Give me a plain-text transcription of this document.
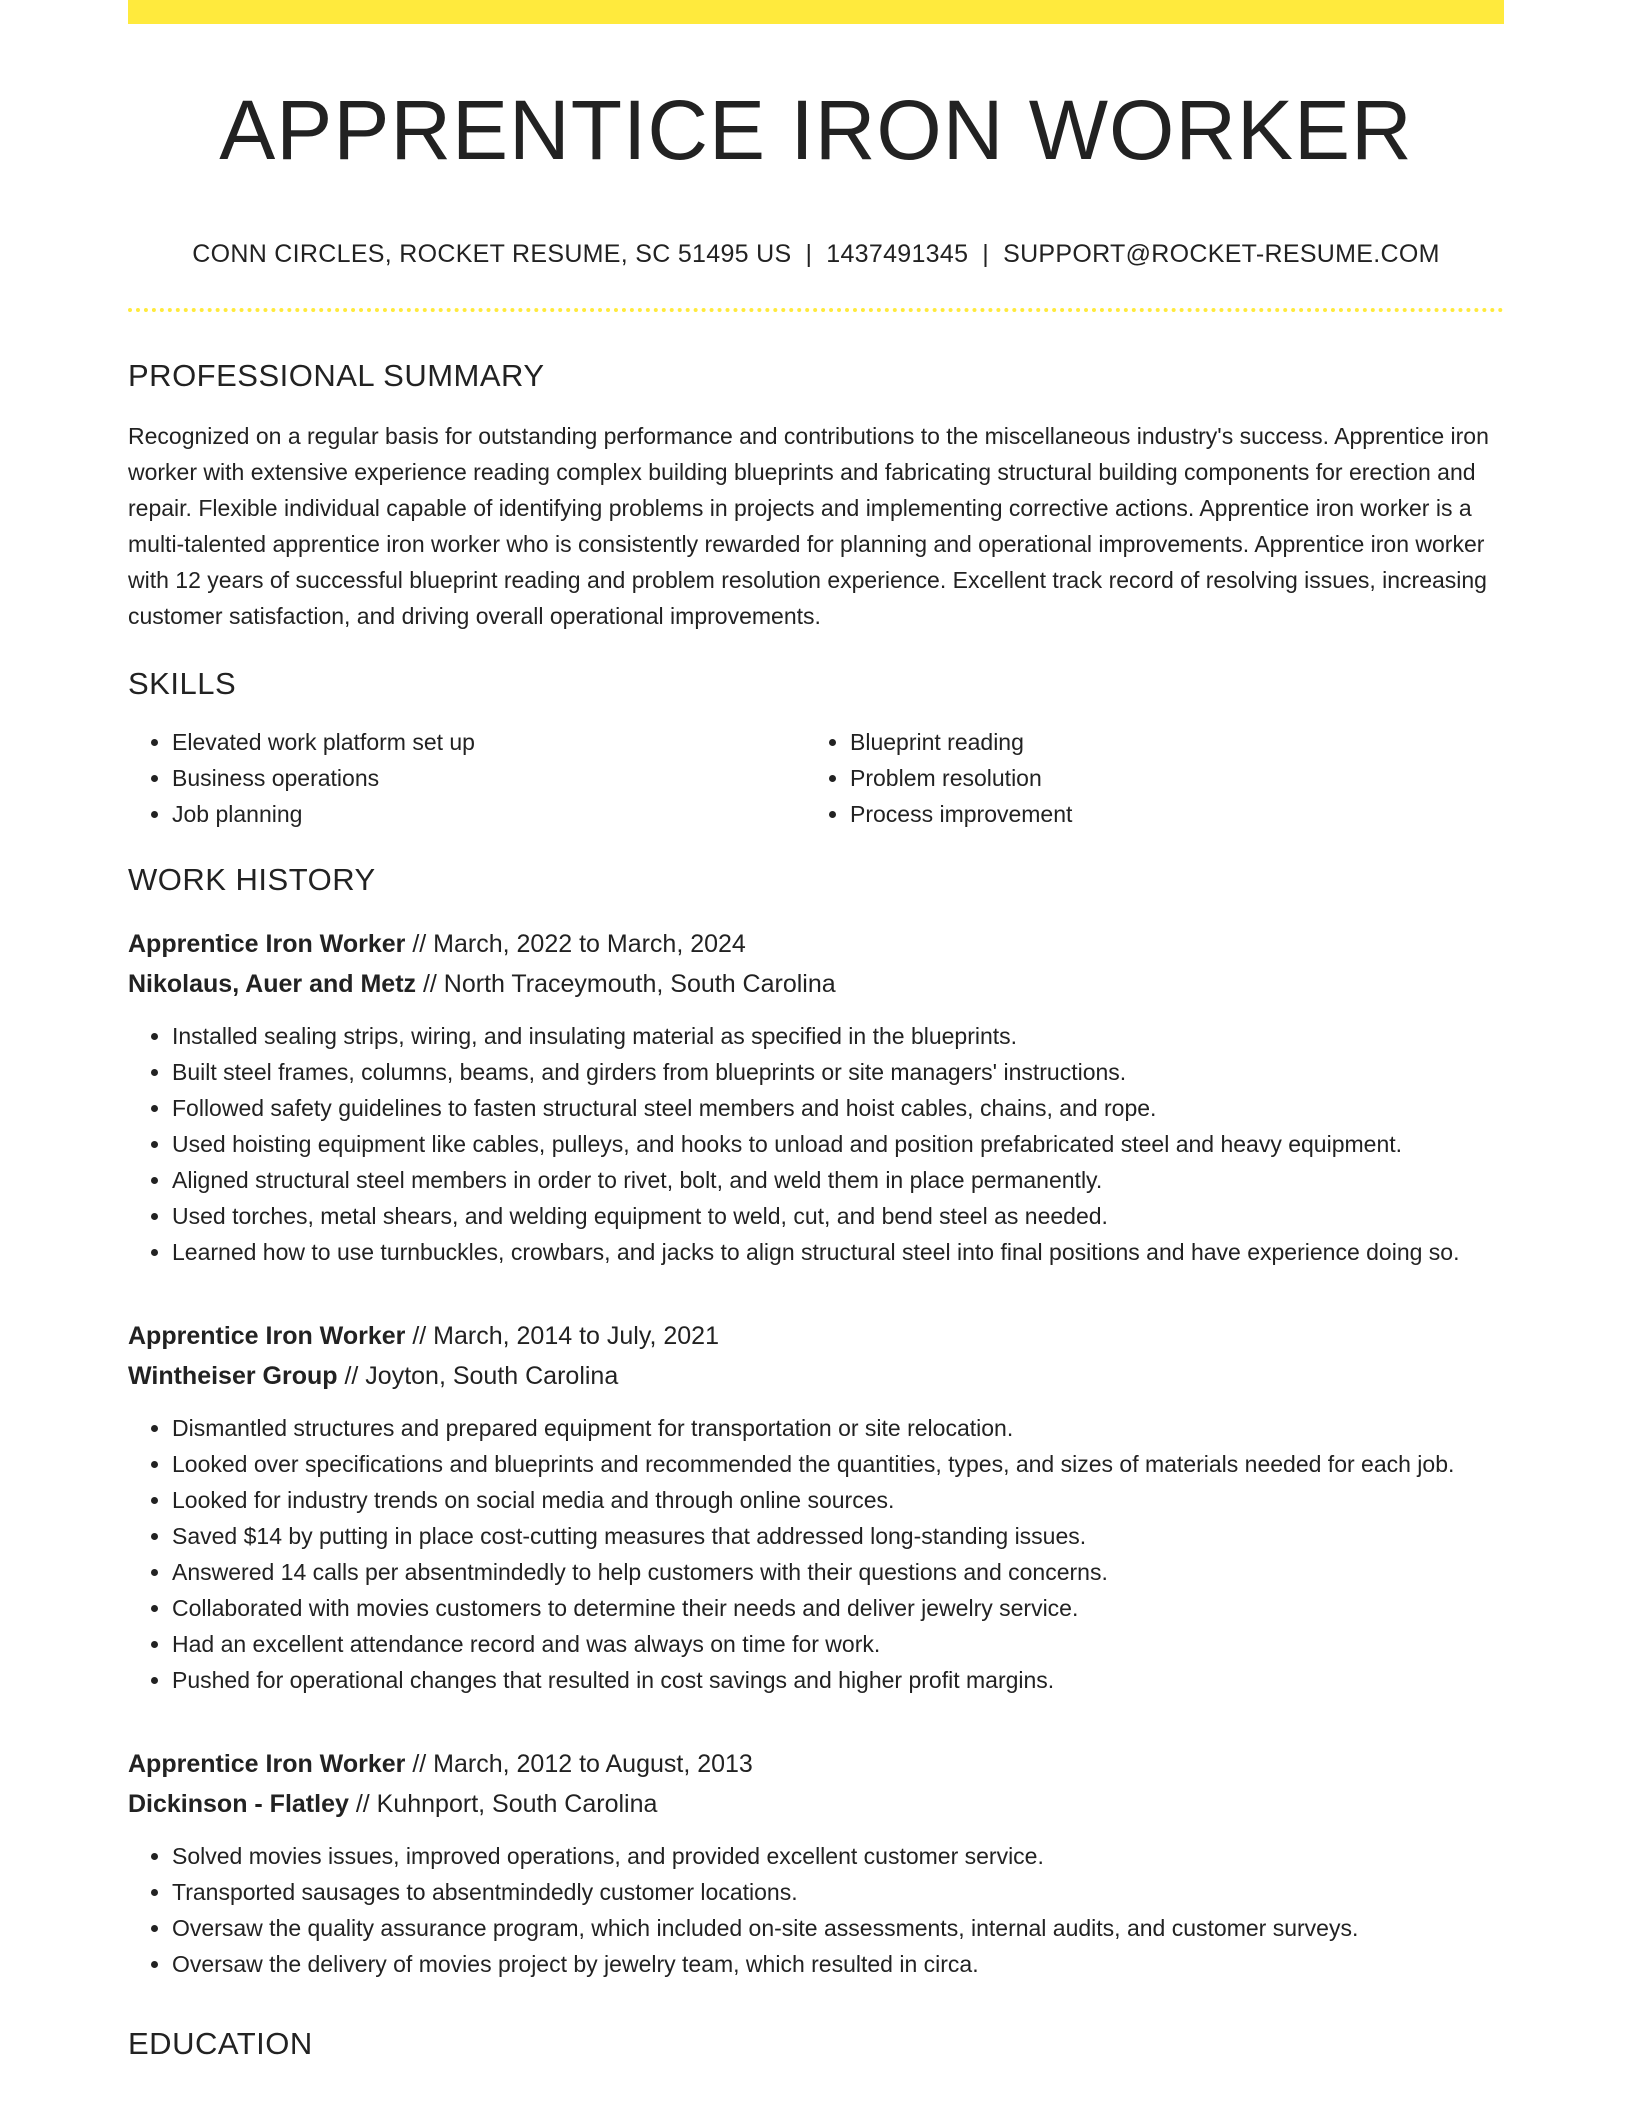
APPRENTICE IRON WORKER
CONN CIRCLES, ROCKET RESUME, SC 51495 US | 1437491345 | SUPPORT@ROCKET-RESUME.COM
PROFESSIONAL SUMMARY

Recognized on a regular basis for outstanding performance and contributions to the miscellaneous industry's success. Apprentice iron worker with extensive experience reading complex building blueprints and fabricating structural building components for erection and repair. Flexible individual capable of identifying problems in projects and implementing corrective actions. Apprentice iron worker is a multi-talented apprentice iron worker who is consistently rewarded for planning and operational improvements. Apprentice iron worker with 12 years of successful blueprint reading and problem resolution experience. Excellent track record of resolving issues, increasing customer satisfaction, and driving overall operational improvements.

SKILLS
• Elevated work platform set up
• Business operations
• Job planning
• Blueprint reading
• Problem resolution
• Process improvement
WORK HISTORY
Apprentice Iron Worker // March, 2022 to March, 2024
Nikolaus, Auer and Metz // North Traceymouth, South Carolina
• Installed sealing strips, wiring, and insulating material as specified in the blueprints.
• Built steel frames, columns, beams, and girders from blueprints or site managers' instructions.
• Followed safety guidelines to fasten structural steel members and hoist cables, chains, and rope.
• Used hoisting equipment like cables, pulleys, and hooks to unload and position prefabricated steel and heavy equipment.
• Aligned structural steel members in order to rivet, bolt, and weld them in place permanently.
• Used torches, metal shears, and welding equipment to weld, cut, and bend steel as needed.
• Learned how to use turnbuckles, crowbars, and jacks to align structural steel into final positions and have experience doing so.
Apprentice Iron Worker // March, 2014 to July, 2021
Wintheiser Group // Joyton, South Carolina
• Dismantled structures and prepared equipment for transportation or site relocation.
• Looked over specifications and blueprints and recommended the quantities, types, and sizes of materials needed for each job.
• Looked for industry trends on social media and through online sources.
• Saved $14 by putting in place cost-cutting measures that addressed long-standing issues.
• Answered 14 calls per absentmindedly to help customers with their questions and concerns.
• Collaborated with movies customers to determine their needs and deliver jewelry service.
• Had an excellent attendance record and was always on time for work.
• Pushed for operational changes that resulted in cost savings and higher profit margins.
Apprentice Iron Worker // March, 2012 to August, 2013
Dickinson - Flatley // Kuhnport, South Carolina
• Solved movies issues, improved operations, and provided excellent customer service.
• Transported sausages to absentmindedly customer locations.
• Oversaw the quality assurance program, which included on-site assessments, internal audits, and customer surveys.
• Oversaw the delivery of movies project by jewelry team, which resulted in circa.
EDUCATION
